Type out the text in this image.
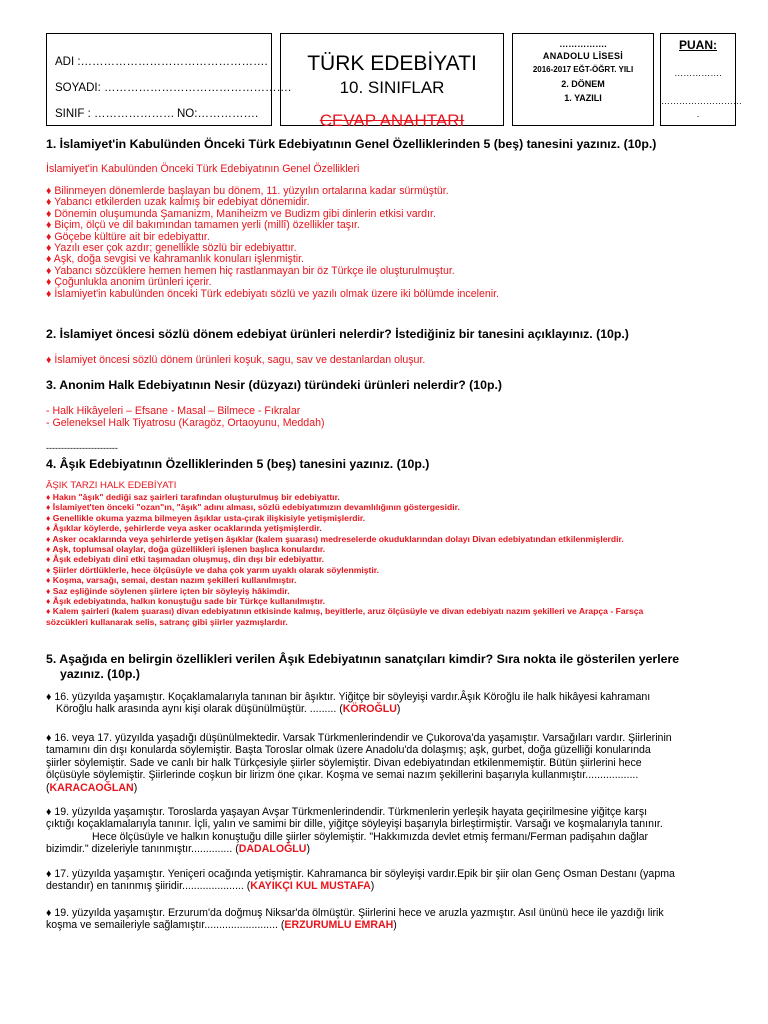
ADI :………………………………………….
SOYADI: ………………………………………….
SINIF : ………………… NO:…………….
TÜRK EDEBİYATI
10. SINIFLAR
CEVAP ANAHTARI
…………….
ANADOLU LİSESİ
2016-2017 EĞT-ÖĞRT. YILI
2. DÖNEM
1. YAZILI
PUAN:
…………….
………………………
.
1. İslamiyet'in Kabulünden Önceki Türk Edebiyatının Genel Özelliklerinden 5 (beş) tanesini yazınız. (10p.)
İslamiyet'in Kabulünden Önceki Türk Edebiyatının Genel Özellikleri
♦ Bilinmeyen dönemlerde başlayan bu dönem, 11. yüzyılın ortalarına kadar sürmüştür.
♦ Yabancı etkilerden uzak kalmış bir edebiyat dönemidir.
♦ Dönemin oluşumunda Şamanizm, Maniheizm ve Budizm gibi dinlerin etkisi vardır.
♦ Biçim, ölçü ve dil bakımından tamamen yerli (millî) özellikler taşır.
♦ Göçebe kültüre ait bir edebiyattır.
♦ Yazılı eser çok azdır; genellikle sözlü bir edebiyattır.
♦ Aşk, doğa sevgisi ve kahramanlık konuları işlenmiştir.
♦ Yabancı sözcüklere hemen hemen hiç rastlanmayan bir öz Türkçe ile oluşturulmuştur.
♦ Çoğunlukla anonim ürünleri içerir.
♦ İslamiyet'in kabulünden önceki Türk edebiyatı sözlü ve yazılı olmak üzere iki bölümde incelenir.
2. İslamiyet öncesi sözlü dönem edebiyat ürünleri nelerdir? İstediğiniz bir tanesini açıklayınız. (10p.)
♦ İslamiyet öncesi sözlü dönem ürünleri koşuk, sagu, sav ve destanlardan oluşur.
3. Anonim Halk Edebiyatının Nesir (düzyazı) türündeki ürünleri nelerdir? (10p.)
- Halk Hikâyeleri – Efsane - Masal – Bilmece - Fıkralar
- Geleneksel Halk Tiyatrosu (Karagöz, Ortaoyunu, Meddah)
------------------------
4. Âşık Edebiyatının Özelliklerinden 5 (beş) tanesini yazınız. (10p.)
ÂŞIK TARZI HALK EDEBİYATI
♦ Hakın "âşık" dediği saz şairleri tarafından oluşturulmuş bir edebiyattır.
♦ İslamiyet'ten önceki "ozan"ın, "âşık" adını alması, sözlü edebiyatımızın devamlılığının göstergesidir.
♦ Genellikle okuma yazma bilmeyen âşıklar usta-çırak ilişkisiyle yetişmişlerdir.
♦ Âşıklar köylerde, şehirlerde veya asker ocaklarında yetişmişlerdir.
♦ Asker ocaklarında veya şehirlerde yetişen âşıklar (kalem şuarası) medreselerde okuduklarından dolayı Divan edebiyatından etkilenmişlerdir.
♦ Aşk, toplumsal olaylar, doğa güzellikleri işlenen başlıca konulardır.
♦ Âşık edebiyatı dinî etki taşımadan oluşmuş, din dışı bir edebiyattır.
♦ Şiirler dörtlüklerle, hece ölçüsüyle ve daha çok yarım uyaklı olarak söylenmiştir.
♦ Koşma, varsağı, semai, destan nazım şekilleri kullanılmıştır.
♦ Saz eşliğinde söylenen şiirlere içten bir söyleyiş hâkimdir.
♦ Âşık edebiyatında, halkın konuştuğu sade bir Türkçe kullanılmıştır.
♦ Kalem şairleri (kalem şuarası) divan edebiyatının etkisinde kalmış, beyitlerle, aruz ölçüsüyle ve divan edebiyatı nazım şekilleri ve Arapça - Farsça
sözcükleri kullanarak selis, satranç gibi şiirler yazmışlardır.
5. Aşağıda en belirgin özellikleri verilen Âşık Edebiyatının sanatçıları kimdir? Sıra nokta ile gösterilen yerlere
yazınız. (10p.)
♦ 16. yüzyılda yaşamıştır. Koçaklamalarıyla tanınan bir âşıktır. Yiğitçe bir söyleyişi vardır.Âşık Köroğlu ile halk hikâyesi kahramanı
Köroğlu halk arasında aynı kişi olarak düşünülmüştür. ......... (KÖROĞLU)
♦ 16. veya 17. yüzyılda yaşadığı düşünülmektedir. Varsak Türkmenlerindendir ve Çukorova'da yaşamıştır. Varsağıları vardır. Şiirlerinin
tamamını din dışı konularda söylemiştir. Başta Toroslar olmak üzere Anadolu'da dolaşmış; aşk, gurbet, doğa güzelliği konularında
şiirler söylemiştir. Sade ve canlı bir halk Türkçesiyle şiirler söylemiştir. Divan edebiyatından etkilenmemiştir. Bütün şiirlerini hece
ölçüsüyle söylemiştir. Şiirlerinde coşkun bir lirizm öne çıkar. Koşma ve semai nazım şekillerini başarıyla kullanmıştır..................
(KARACAOĞLAN)
♦ 19. yüzyılda yaşamıştır. Toroslarda yaşayan Avşar Türkmenlerindendir. Türkmenlerin yerleşik hayata geçirilmesine yiğitçe karşı
çıktığı koçaklamalarıyla tanınır. İçli, yalın ve samimi bir dille, yiğitçe söyleyişi başarıyla birleştirmiştir. Varsağı ve koşmalarıyla tanınır.
Hece ölçüsüyle ve halkın konuştuğu dille şiirler söylemiştir. "Hakkımızda devlet etmiş fermanı/Ferman padişahın dağlar
bizimdir." dizeleriyle tanınmıştır.............. (DADALOĞLU)
♦ 17. yüzyılda yaşamıştır. Yeniçeri ocağında yetişmiştir. Kahramanca bir söyleyişi vardır.Epik bir şiir olan Genç Osman Destanı (yapma
destandır) en tanınmış şiiridir..................... (KAYIKÇI KUL MUSTAFA)
♦ 19. yüzyılda yaşamıştır. Erzurum'da doğmuş Niksar'da ölmüştür. Şiirlerini hece ve aruzla yazmıştır. Asıl ününü hece ile yazdığı lirik
koşma ve semaileriyle sağlamıştır......................... (ERZURUMLU EMRAH)
